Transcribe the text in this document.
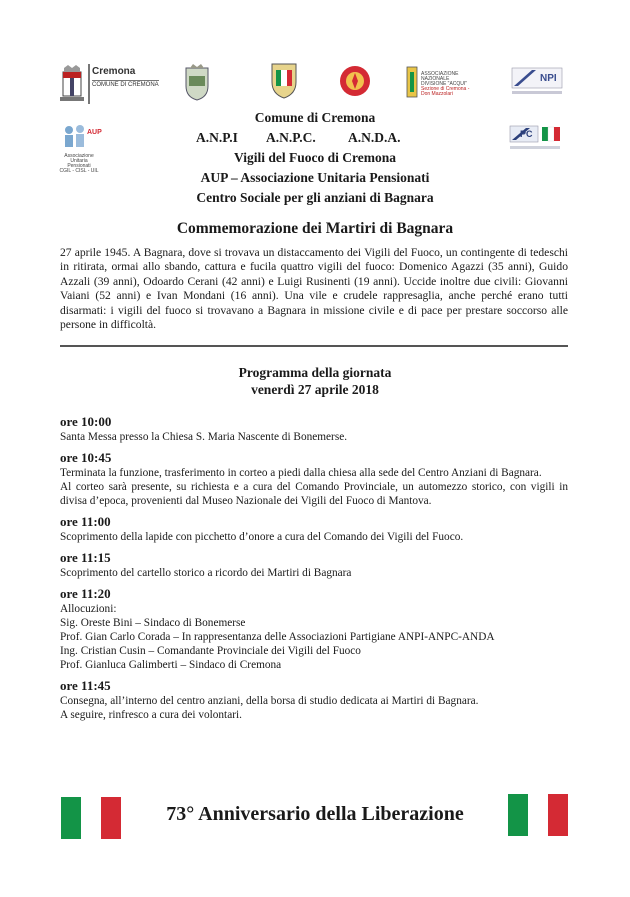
Cremona
COMUNE DI CREMONA
ASSOCIAZIONE NAZIONALE
DIVISIONE "ACQUI"
Sezione di Cremona - Don Mazzolari
NPI
AUP
Associazione Unitaria
Pensionati
CGIL - CISL - UIL
PC
Comune di Cremona
A.N.P.I A.N.P.C. A.N.D.A.
Vigili del Fuoco di Cremona
AUP – Associazione Unitaria Pensionati
Centro Sociale per gli anziani di Bagnara
Commemorazione dei Martiri di Bagnara
27 aprile 1945. A Bagnara, dove si trovava un distaccamento dei Vigili del Fuoco, un contingente di tedeschi in ritirata, ormai allo sbando, cattura e fucila quattro vigili del fuoco: Domenico Agazzi (35 anni), Guido Azzali (39 anni), Odoardo Cerani (42 anni) e Luigi Rusinenti (19 anni). Uccide inoltre due civili: Giovanni Vaiani (52 anni) e Ivan Mondani (16 anni). Una vile e crudele rappresaglia, anche perché erano tutti disarmati: i vigili del fuoco si trovavano a Bagnara in missione civile e di pace per prestare soccorso alle persone in difficoltà.
Programma della giornata
venerdì 27 aprile 2018
ore 10:00
Santa Messa presso la Chiesa S. Maria Nascente di Bonemerse.
ore 10:45
Terminata la funzione, trasferimento in corteo a piedi dalla chiesa alla sede del Centro Anziani di Bagnara.
Al corteo sarà presente, su richiesta e a cura del Comando Provinciale, un automezzo storico, con vigili in divisa d’epoca, provenienti dal Museo Nazionale dei Vigili del Fuoco di Mantova.
ore 11:00
Scoprimento della lapide con picchetto d’onore a cura del Comando dei Vigili del Fuoco.
ore 11:15
Scoprimento del cartello storico a ricordo dei Martiri di Bagnara
ore 11:20
Allocuzioni:
Sig. Oreste Bini – Sindaco di Bonemerse
Prof. Gian Carlo Corada – In rappresentanza delle Associazioni Partigiane ANPI-ANPC-ANDA
Ing. Cristian Cusin – Comandante Provinciale dei Vigili del Fuoco
Prof. Gianluca Galimberti – Sindaco di Cremona
ore 11:45
Consegna, all’interno del centro anziani, della borsa di studio dedicata ai Martiri di Bagnara.
A seguire, rinfresco a cura dei volontari.
73° Anniversario della Liberazione
